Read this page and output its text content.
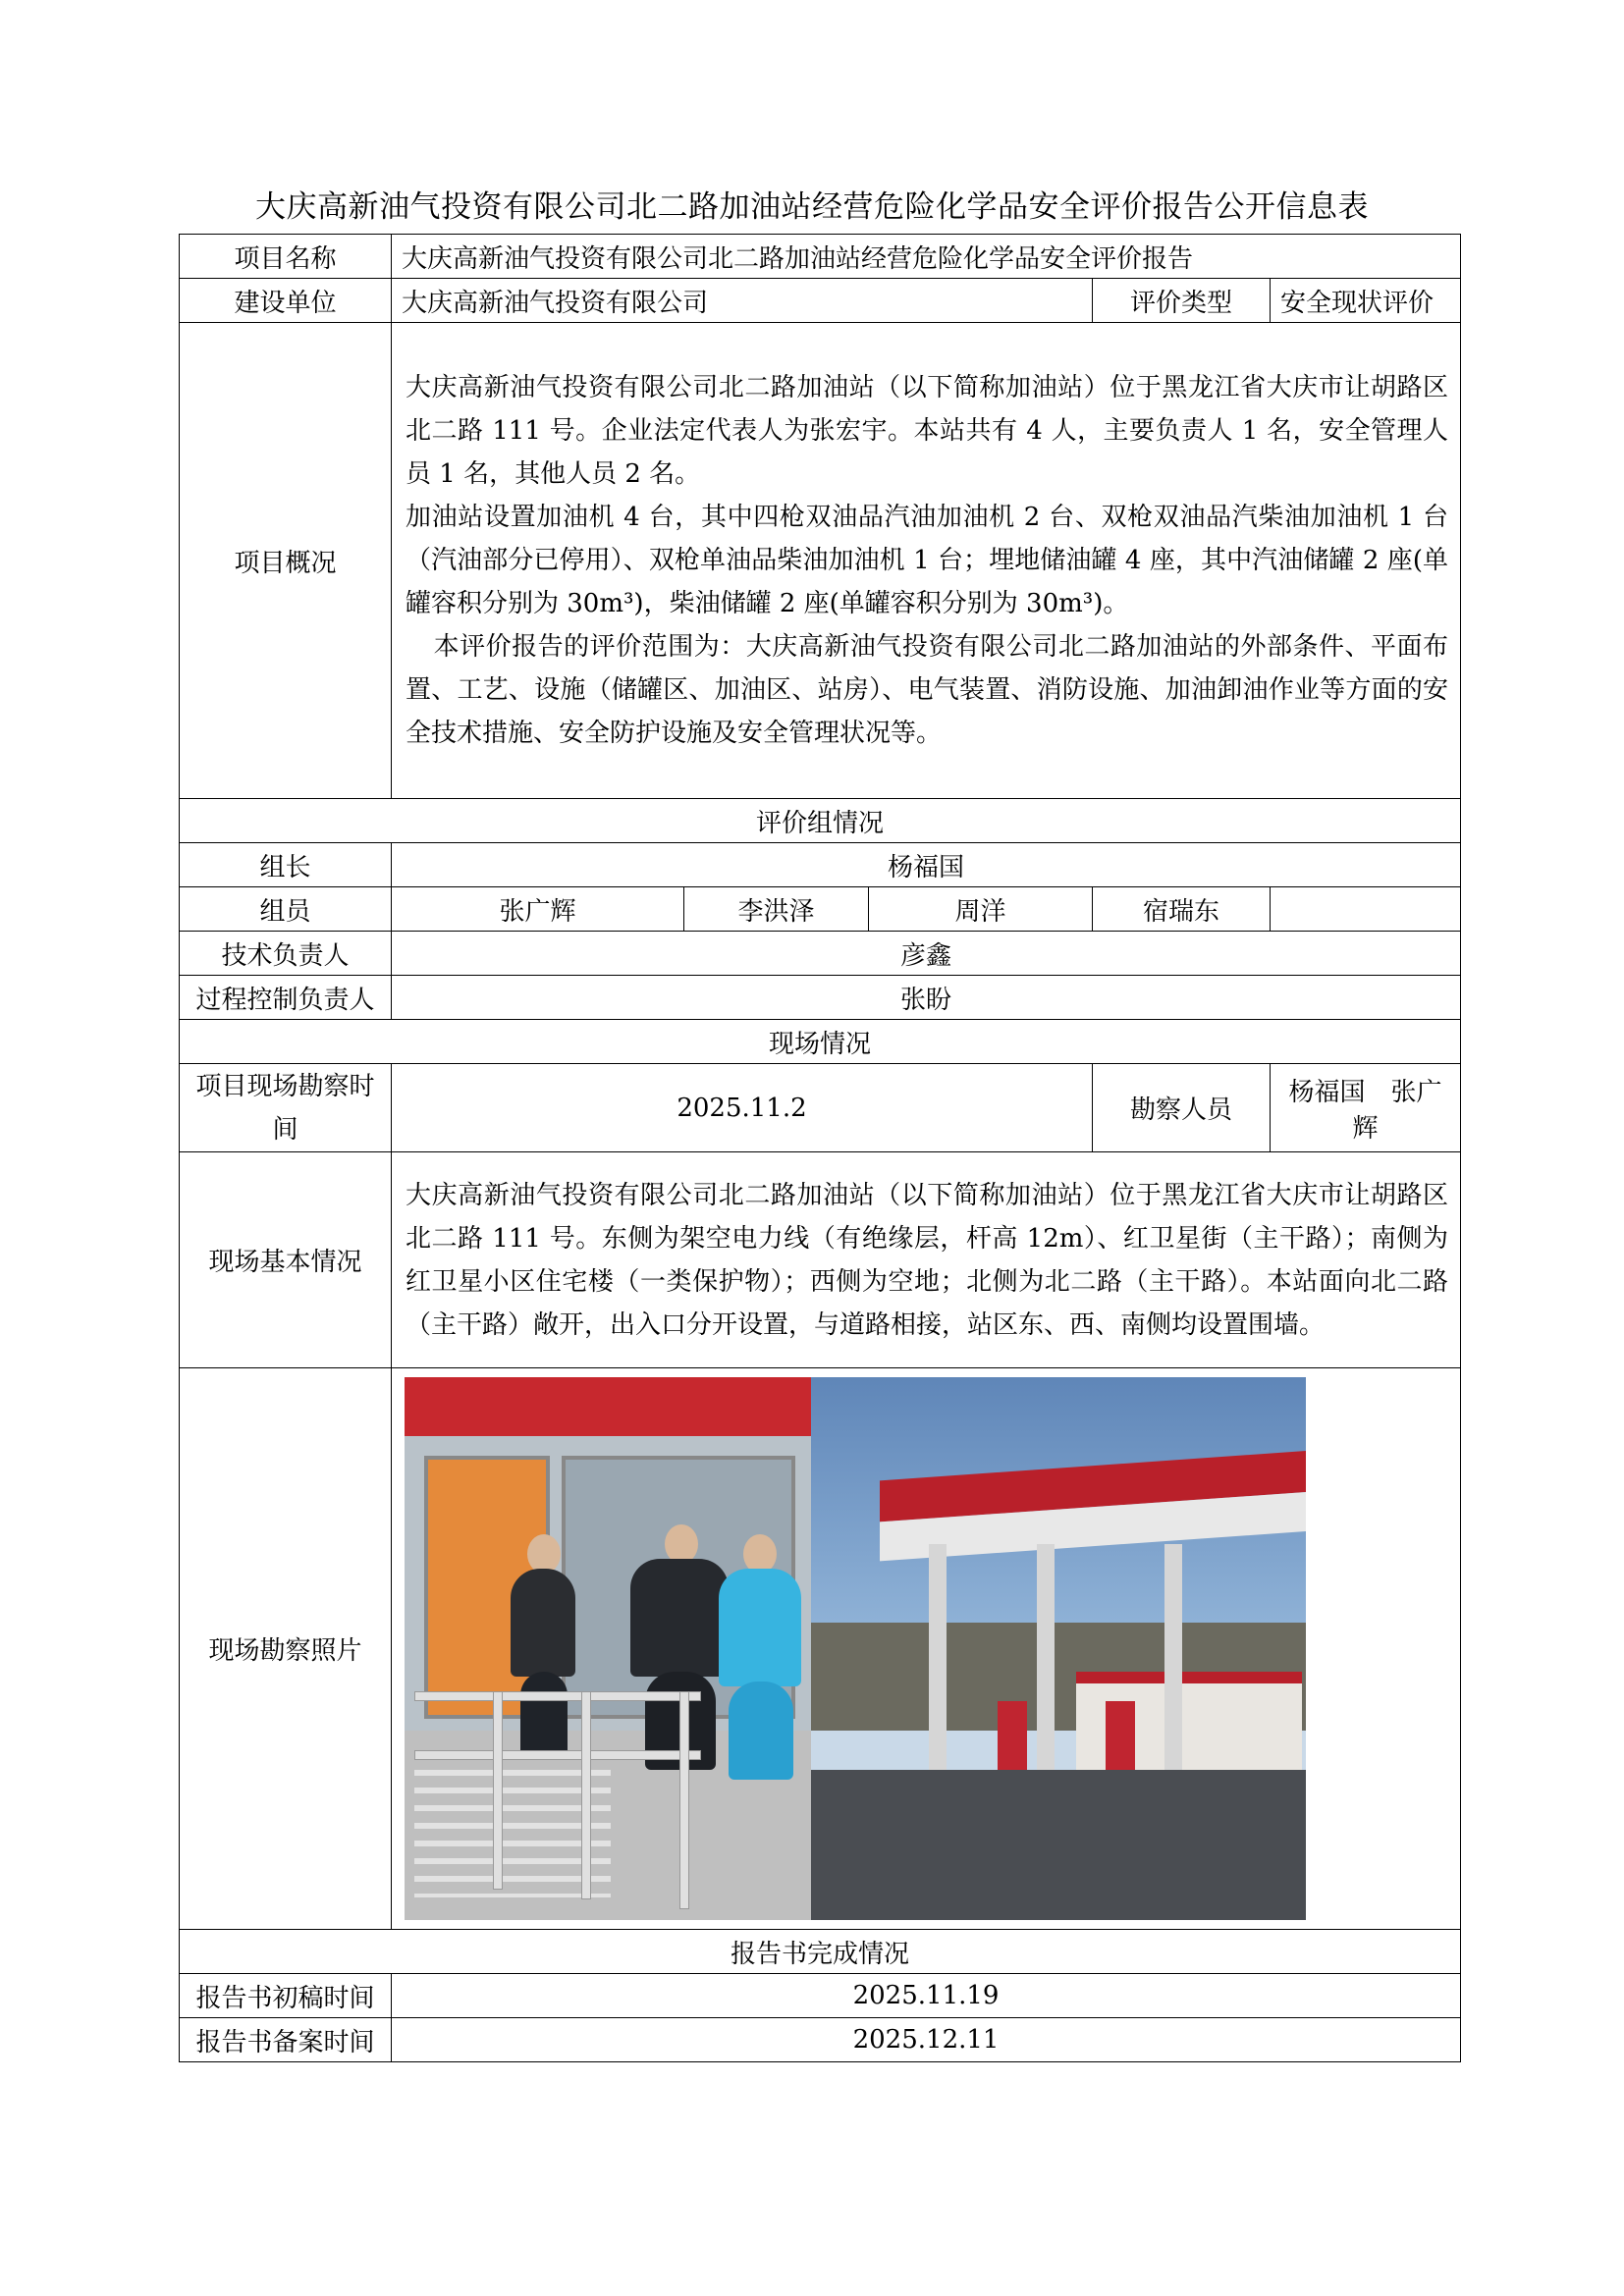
大庆高新油气投资有限公司北二路加油站经营危险化学品安全评价报告公开信息表
项目名称	大庆高新油气投资有限公司北二路加油站经营危险化学品安全评价报告				
建设单位	大庆高新油气投资有限公司			评价类型	安全现状评价
项目概况	大庆高新油气投资有限公司北二路加油站（以下简称加油站）位于黑龙江省大庆市让胡路区北二路 111 号。企业法定代表人为张宏宇。本站共有 4 人，主要负责人 1 名，安全管理人员 1 名，其他人员 2 名。

加油站设置加油机 4 台，其中四枪双油品汽油加油机 2 台、双枪双油品汽柴油加油机 1 台（汽油部分已停用）、双枪单油品柴油加油机 1 台；埋地储油罐 4 座，其中汽油储罐 2 座(单罐容积分别为 30m³)，柴油储罐 2 座(单罐容积分别为 30m³)。

本评价报告的评价范围为：大庆高新油气投资有限公司北二路加油站的外部条件、平面布置、工艺、设施（储罐区、加油区、站房）、电气装置、消防设施、加油卸油作业等方面的安全技术措施、安全防护设施及安全管理状况等。				

评价组情况					
组长	杨福国				
组员	张广辉	李洪泽	周洋	宿瑞东	
技术负责人	彦鑫				
过程控制负责人	张盼				
现场情况					
项目现场勘察时间	2025.11.2			勘察人员	杨福国　张广辉
现场基本情况	大庆高新油气投资有限公司北二路加油站（以下简称加油站）位于黑龙江省大庆市让胡路区北二路 111 号。东侧为架空电力线（有绝缘层，杆高 12m）、红卫星街（主干路）；南侧为红卫星小区住宅楼（一类保护物）；西侧为空地；北侧为北二路（主干路）。本站面向北二路（主干路）敞开，出入口分开设置，与道路相接，站区东、西、南侧均设置围墙。				
现场勘察照片					

报告书完成情况					
报告书初稿时间	2025.11.19				
报告书备案时间	2025.12.11				
